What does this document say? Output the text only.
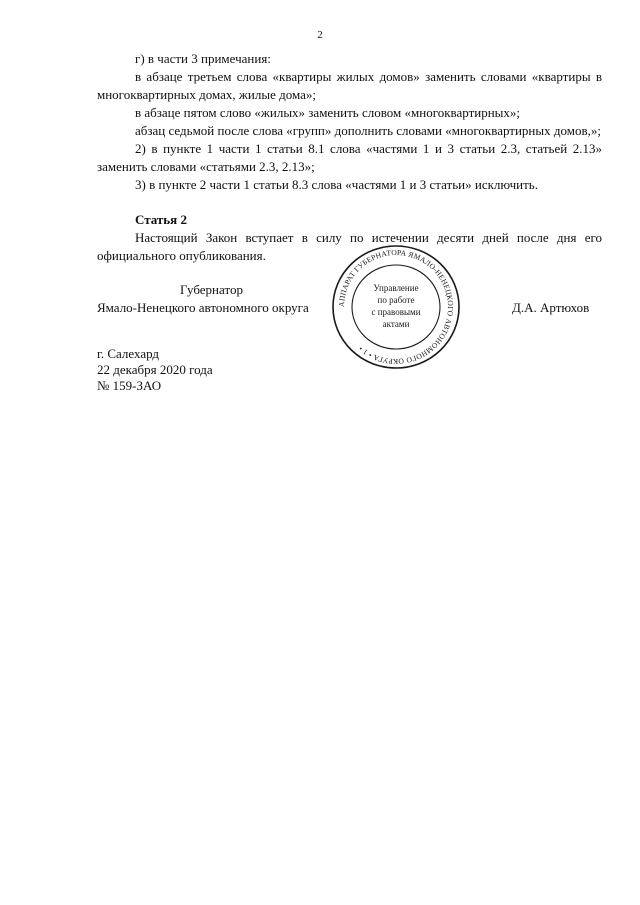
2

г) в части 3 примечания:

в абзаце третьем слова «квартиры жилых домов» заменить словами «квартиры в многоквартирных домах, жилые дома»;

в абзаце пятом слово «жилых» заменить словом «многоквартирных»;

абзац седьмой после слова «групп» дополнить словами «многоквартирных домов,»;

2) в пункте 1 части 1 статьи 8.1 слова «частями 1 и 3 статьи 2.3, статьей 2.13» заменить словами «статьями 2.3, 2.13»;

3) в пункте 2 части 1 статьи 8.3 слова «частями 1 и 3 статьи» исключить.

Статья 2

Настоящий Закон вступает в силу по истечении десяти дней после дня его официального опубликования.

Губернатор
Ямало-Ненецкого автономного округа	Д.А. Артюхов
АППАРАТ ГУБЕРНАТОРА ЯМАЛО-НЕНЕЦКОГО АВТОНОМНОГО ОКРУГА • 1 •
Управление
по работе
с правовыми
актами
г. Салехард
22 декабря 2020 года
№ 159-ЗАО
